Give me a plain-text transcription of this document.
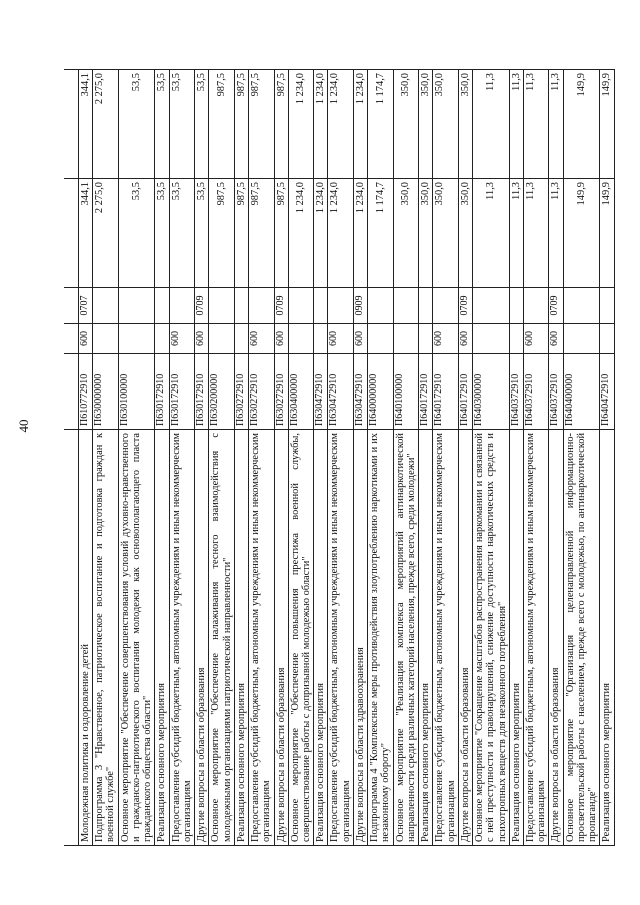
40

Молодежная политика и оздоровление детей	П610772910	600	0707	344,1	344,1
Подпрограмма 3 "Нравственное, патриотическое воспитание и подготовка граждан к военной службе"	П630000000			2 275,0	2 275,0
Основное мероприятие "Обеспечение совершенствования условий духовно-нравственного и гражданско-патриотического воспитания молодежи как основополагающего пласта гражданского общества области"	П630100000			53,5	53,5
Реализация основного мероприятия	П630172910			53,5	53,5
Предоставление субсидий бюджетным, автономным учреждениям и иным некоммерческим организациям	П630172910	600		53,5	53,5
Другие вопросы в области образования	П630172910	600	0709	53,5	53,5
Основное мероприятие "Обеспечение налаживания тесного взаимодействия с молодежными организациями патриотической направленности"	П630200000			987,5	987,5
Реализация основного мероприятия	П630272910			987,5	987,5
Предоставление субсидий бюджетным, автономным учреждениям и иным некоммерческим организациям	П630272910	600		987,5	987,5
Другие вопросы в области образования	П630272910	600	0709	987,5	987,5
Основное мероприятие "Обеспечение повышения престижа военной службы, совершенствование работы с допризывной молодежью области"	П630400000			1 234,0	1 234,0
Реализация основного мероприятия	П630472910			1 234,0	1 234,0
Предоставление субсидий бюджетным, автономным учреждениям и иным некоммерческим организациям	П630472910	600		1 234,0	1 234,0
Другие вопросы в области здравоохранения	П630472910	600	0909	1 234,0	1 234,0
Подпрограмма 4 "Комплексные меры противодействия злоупотреблению наркотиками и их незаконному обороту"	П640000000			1 174,7	1 174,7
Основное мероприятие "Реализация комплекса мероприятий антинаркотической направленности среди различных категорий населения, прежде всего, среди молодежи"	П640100000			350,0	350,0
Реализация основного мероприятия	П640172910			350,0	350,0
Предоставление субсидий бюджетным, автономным учреждениям и иным некоммерческим организациям	П640172910	600		350,0	350,0
Другие вопросы в области образования	П640172910	600	0709	350,0	350,0
Основное мероприятие "Сокращение масштабов распространения наркомании и связанной с ней преступности и правонарушений, снижение доступности наркотических средств и психотропных веществ для незаконного потребления"	П640300000			11,3	11,3
Реализация основного мероприятия	П640372910			11,3	11,3
Предоставление субсидий бюджетным, автономным учреждениям и иным некоммерческим организациям	П640372910	600		11,3	11,3
Другие вопросы в области образования	П640372910	600	0709	11,3	11,3
Основное мероприятие "Организация целенаправленной информационно-просветительской работы с населением, прежде всего с молодежью, по антинаркотической пропаганде"	П640400000			149,9	149,9
Реализация основного мероприятия	П640472910			149,9	149,9
